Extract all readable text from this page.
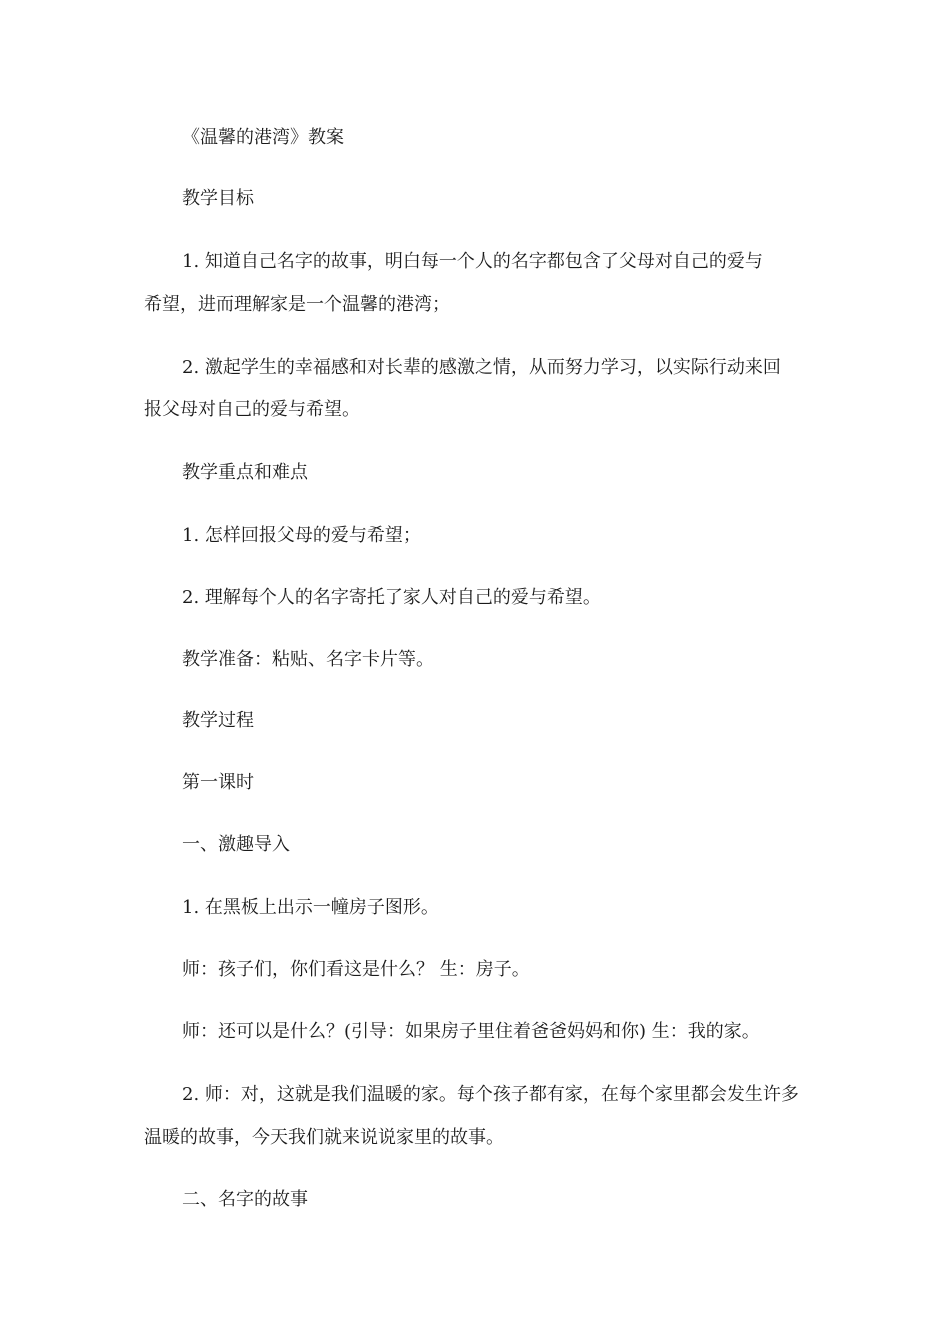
《温馨的港湾》教案
教学目标
1. 知道自己名字的故事，明白每一个人的名字都包含了父母对自己的爱与
希望，进而理解家是一个温馨的港湾；
2. 激起学生的幸福感和对长辈的感激之情，从而努力学习，以实际行动来回
报父母对自己的爱与希望。
教学重点和难点
1. 怎样回报父母的爱与希望；
2. 理解每个人的名字寄托了家人对自己的爱与希望。
教学准备：粘贴、名字卡片等。
教学过程
第一课时
一、激趣导入
1. 在黑板上出示一幢房子图形。
师：孩子们，你们看这是什么？ 生：房子。
师：还可以是什么？(引导：如果房子里住着爸爸妈妈和你) 生：我的家。
2. 师：对，这就是我们温暖的家。每个孩子都有家，在每个家里都会发生许多
温暖的故事，今天我们就来说说家里的故事。
二、名字的故事
